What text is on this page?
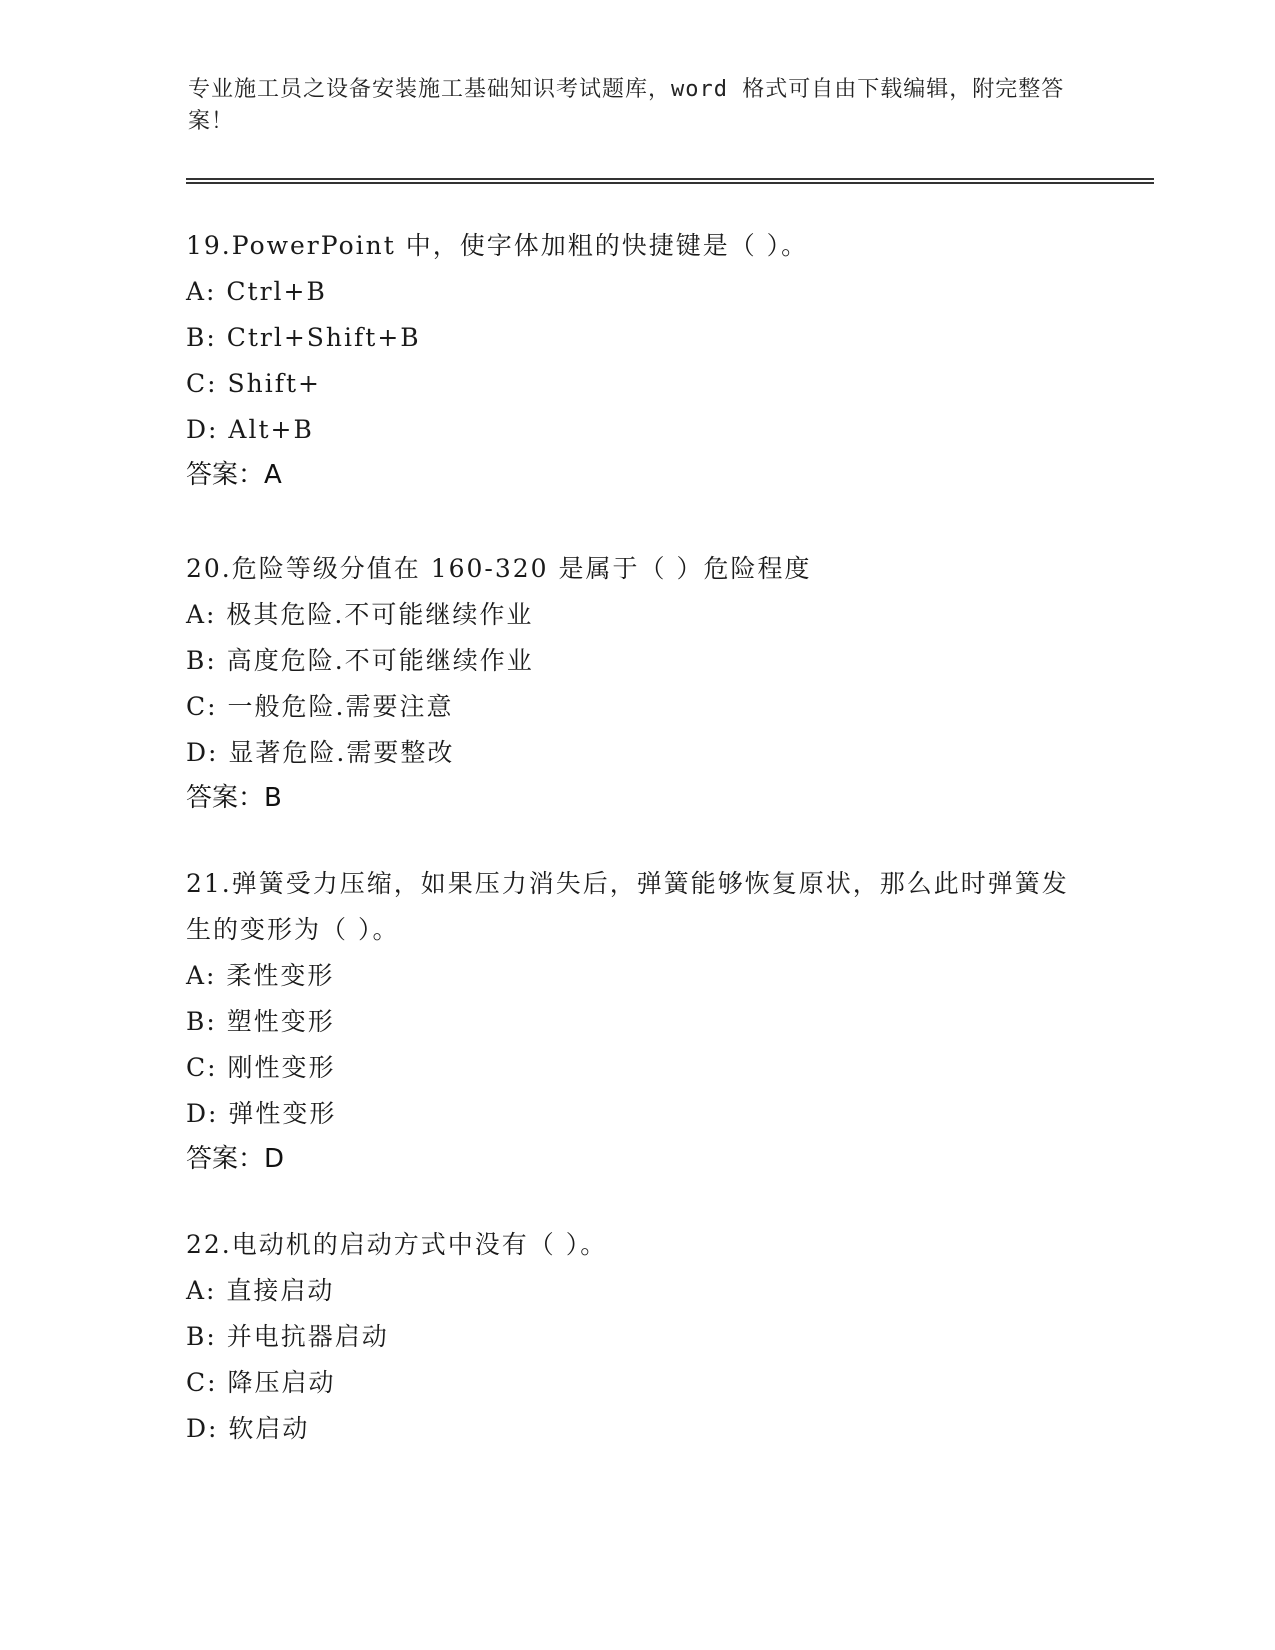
专业施工员之设备安装施工基础知识考试题库，word 格式可自由下载编辑，附完整答案！

19.PowerPoint 中，使字体加粗的快捷键是（ ）。

A: Ctrl+B

B: Ctrl+Shift+B

C: Shift+

D: Alt+B

答案：A

20.危险等级分值在 160-320 是属于（ ）危险程度

A: 极其危险.不可能继续作业

B: 高度危险.不可能继续作业

C: 一般危险.需要注意

D: 显著危险.需要整改

答案：B

21.弹簧受力压缩，如果压力消失后，弹簧能够恢复原状，那么此时弹簧发生的变形为（ ）。

A: 柔性变形

B: 塑性变形

C: 刚性变形

D: 弹性变形

答案：D

22.电动机的启动方式中没有（ ）。

A: 直接启动

B: 并电抗器启动

C: 降压启动

D: 软启动
